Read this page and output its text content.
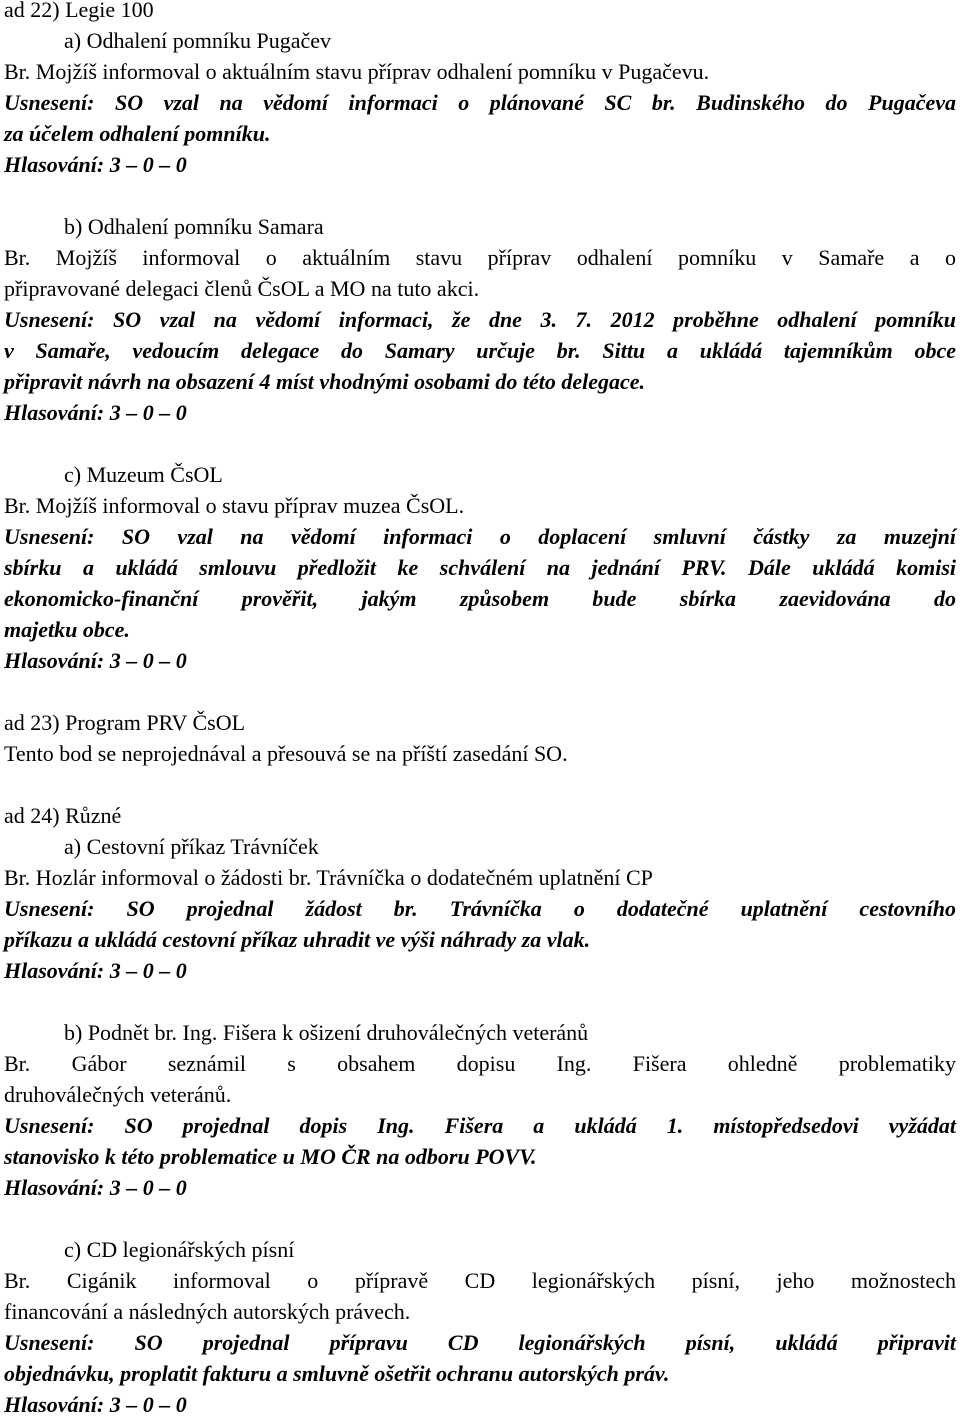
ad 22) Legie 100
a) Odhalení pomníku Pugačev
Br. Mojžíš informoval o aktuálním stavu příprav odhalení pomníku v Pugačevu.
Usnesení: SO vzal na vědomí informaci o plánované SC br. Budinského do Pugačeva
za účelem odhalení pomníku.
Hlasování: 3 – 0 – 0
b) Odhalení pomníku Samara
Br. Mojžíš informoval o aktuálním stavu příprav odhalení pomníku v Samaře a o
připravované delegaci členů ČsOL a MO na tuto akci.
Usnesení: SO vzal na vědomí informaci, že dne 3. 7. 2012 proběhne odhalení pomníku
v Samaře, vedoucím delegace do Samary určuje br. Sittu a ukládá tajemníkům obce
připravit návrh na obsazení 4 míst vhodnými osobami do této delegace.
Hlasování: 3 – 0 – 0
c) Muzeum ČsOL
Br. Mojžíš informoval o stavu příprav muzea ČsOL.
Usnesení: SO vzal na vědomí informaci o doplacení smluvní částky za muzejní
sbírku a ukládá smlouvu předložit ke schválení na jednání PRV. Dále ukládá komisi
ekonomicko-finanční prověřit, jakým způsobem bude sbírka zaevidována do
majetku obce.
Hlasování: 3 – 0 – 0
ad 23) Program PRV ČsOL
Tento bod se neprojednával a přesouvá se na příští zasedání SO.
ad 24) Různé
a) Cestovní příkaz Trávníček
Br. Hozlár informoval o žádosti br. Trávníčka o dodatečném uplatnění CP
Usnesení: SO projednal žádost br. Trávníčka o dodatečné uplatnění cestovního
příkazu a ukládá cestovní příkaz uhradit ve výši náhrady za vlak.
Hlasování: 3 – 0 – 0
b) Podnět br. Ing. Fišera k ošizení druhoválečných veteránů
Br. Gábor seznámil s obsahem dopisu Ing. Fišera ohledně problematiky
druhoválečných veteránů.
Usnesení: SO projednal dopis Ing. Fišera a ukládá 1. místopředsedovi vyžádat
stanovisko k této problematice u MO ČR na odboru POVV.
Hlasování: 3 – 0 – 0
c) CD legionářských písní
Br. Cigánik informoval o přípravě CD legionářských písní, jeho možnostech
financování a následných autorských právech.
Usnesení: SO projednal přípravu CD legionářských písní, ukládá připravit
objednávku, proplatit fakturu a smluvně ošetřit ochranu autorských práv.
Hlasování: 3 – 0 – 0
